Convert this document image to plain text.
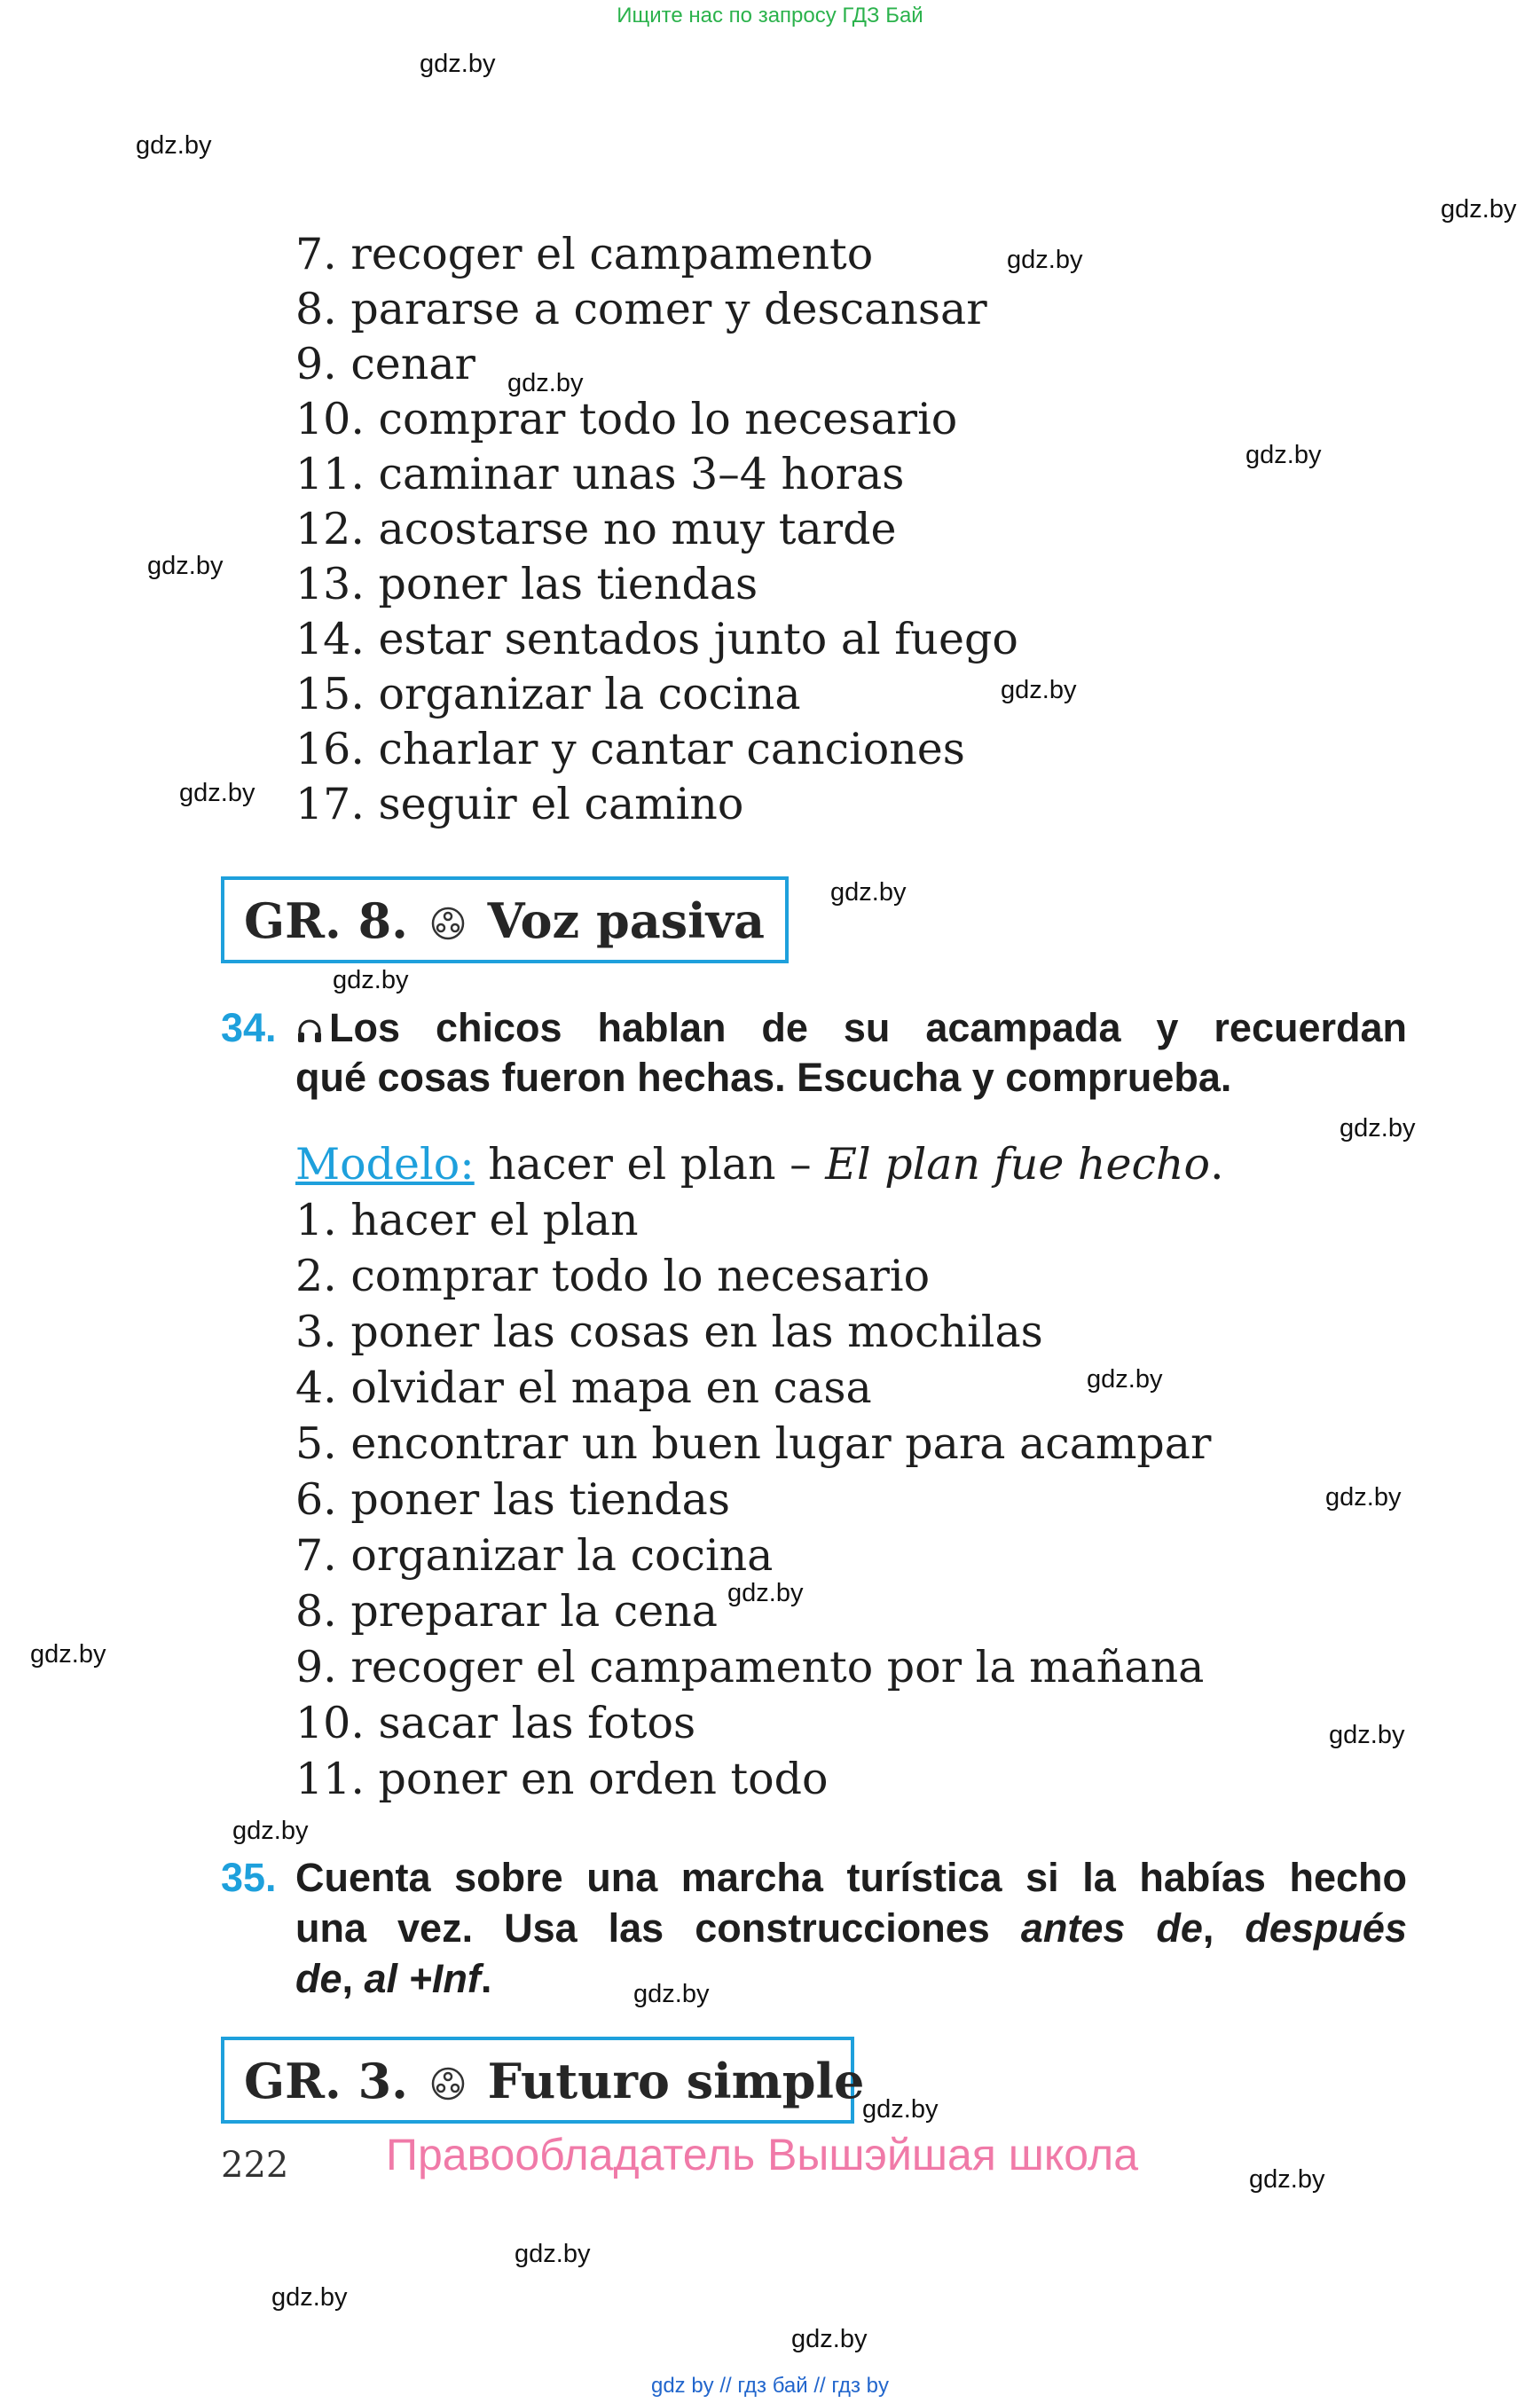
Ищите нас по запросу ГДЗ Бай
gdz.by
gdz.by
gdz.by
gdz.by
gdz.by
gdz.by
gdz.by
gdz.by
gdz.by
gdz.by
gdz.by
gdz.by
gdz.by
gdz.by
gdz.by
gdz.by
gdz.by
gdz.by
gdz.by
gdz.by
gdz.by
gdz.by
gdz.by
gdz.by
7. recoger el campamento
8. pararse a comer y descansar
9. cenar
10. comprar todo lo necesario
11. caminar unas 3–4 horas
12. acostarse no muy tarde
13. poner las tiendas
14. estar sentados junto al fuego
15. organizar la cocina
16. charlar y cantar canciones
17. seguir el camino
GR. 8. Voz pasiva
34.	Los chicos hablan de su acampada y recuerdan
qué cosas fueron hechas. Escucha y comprueba.
Modelo: hacer el plan – El plan fue hecho.
1. hacer el plan
2. comprar todo lo necesario
3. poner las cosas en las mochilas
4. olvidar el mapa en casa
5. encontrar un buen lugar para acampar
6. poner las tiendas
7. organizar la cocina
8. preparar la cena
9. recoger el campamento por la mañana
10. sacar las fotos
11. poner en orden todo
35. Cuenta sobre una marcha turística si la habías hecho
una vez. Usa las construcciones antes de, después
de, al +Inf.
GR. 3. Futuro simple
222 Правообладатель Вышэйшая школа
gdz by // гдз бай // гдз by
